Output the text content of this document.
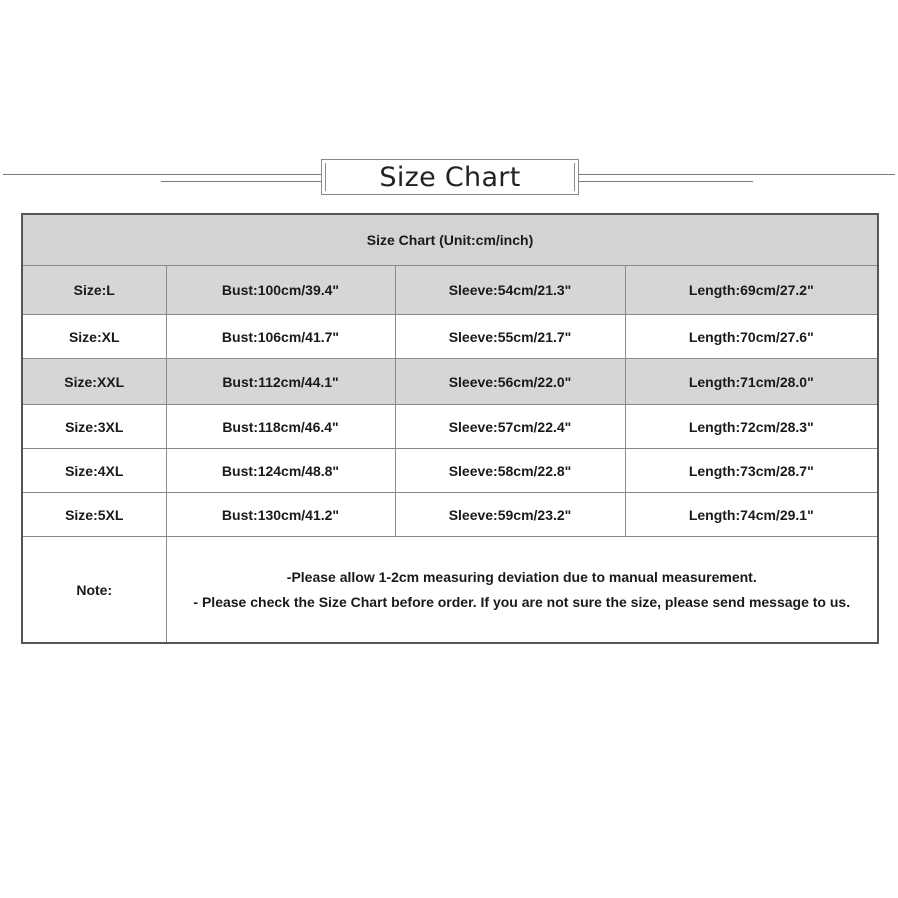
Size Chart
Size Chart (Unit:cm/inch)			
Size:L	Bust:100cm/39.4"	Sleeve:54cm/21.3"	Length:69cm/27.2"
Size:XL	Bust:106cm/41.7"	Sleeve:55cm/21.7"	Length:70cm/27.6"
Size:XXL	Bust:112cm/44.1"	Sleeve:56cm/22.0"	Length:71cm/28.0"
Size:3XL	Bust:118cm/46.4"	Sleeve:57cm/22.4"	Length:72cm/28.3"
Size:4XL	Bust:124cm/48.8"	Sleeve:58cm/22.8"	Length:73cm/28.7"
Size:5XL	Bust:130cm/41.2"	Sleeve:59cm/23.2"	Length:74cm/29.1"
Note:	-Please allow 1-2cm measuring deviation due to manual measurement.
- Please check the Size Chart before order. If you are not sure the size, please send message to us.		
